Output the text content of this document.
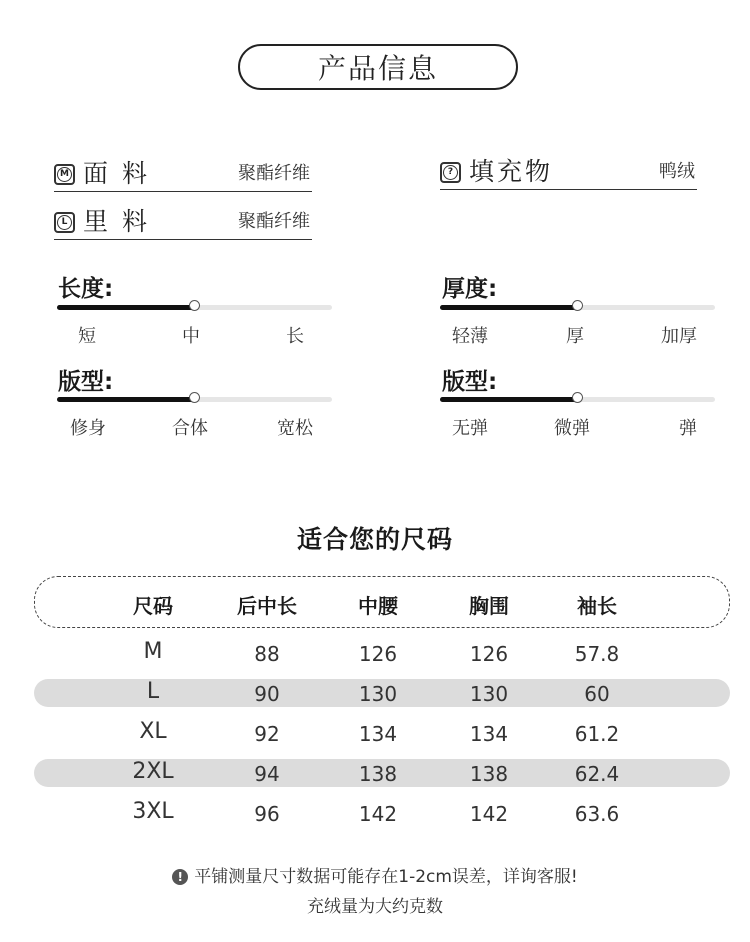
产品信息
M 面料	聚酯纤维
L 里料	聚酯纤维
? 填充物	鸭绒
长度:
短	中	长
厚度:
轻薄	厚	加厚
版型:
修身	合体	宽松
版型:
无弹	微弹	弹
适合您的尺码
尺码	后中长	中腰	胸围	袖长
M	88	126	126	57.8
L	90	130	130	60
XL	92	134	134	61.2
2XL	94	138	138	62.4
3XL	96	142	142	63.6
! 平铺测量尺寸数据可能存在1-2cm误差，详询客服!
充绒量为大约克数
